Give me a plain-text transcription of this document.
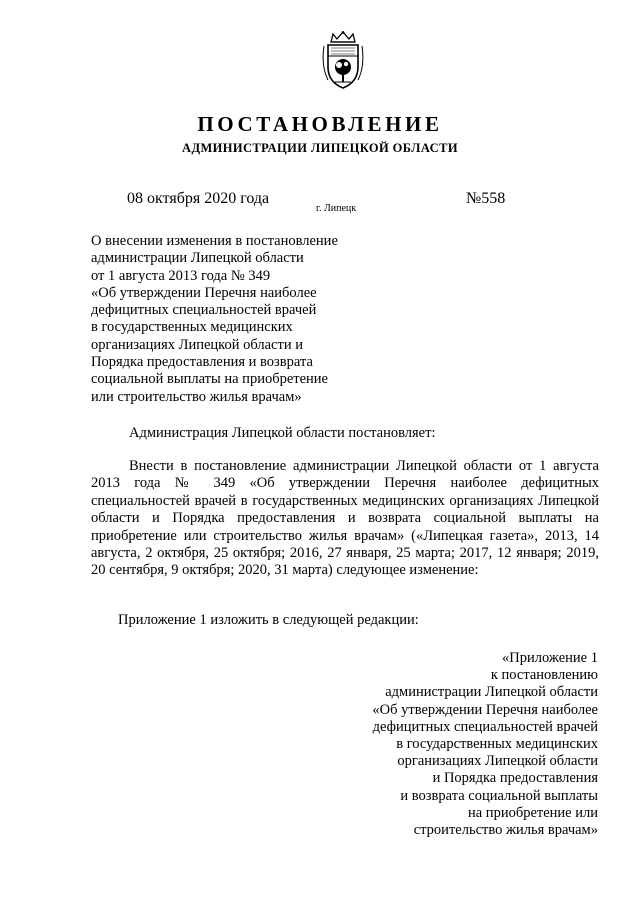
ПОСТАНОВЛЕНИЕ
АДМИНИСТРАЦИИ ЛИПЕЦКОЙ ОБЛАСТИ
08 октября 2020 года
г. Липецк
№558
О внесении изменения в постановление
администрации Липецкой области
от 1 августа 2013 года № 349
«Об утверждении Перечня наиболее
дефицитных специальностей врачей
в государственных медицинских
организациях Липецкой области и
Порядка предоставления и возврата
социальной выплаты на приобретение
или строительство жилья врачам»
Администрация Липецкой области постановляет:
Внести в постановление администрации Липецкой области от 1 августа 2013 года № 349 «Об утверждении Перечня наиболее дефицитных специальностей врачей в государственных медицинских организациях Липецкой области и Порядка предоставления и возврата социальной выплаты на приобретение или строительство жилья врачам» («Липецкая газета», 2013, 14 августа, 2 октября, 25 октября; 2016, 27 января, 25 марта; 2017, 12 января; 2019, 20 сентября, 9 октября; 2020, 31 марта) следующее изменение:
Приложение 1 изложить в следующей редакции:
«Приложение 1
к постановлению
администрации Липецкой области
«Об утверждении Перечня наиболее
дефицитных специальностей врачей
в государственных медицинских
организациях Липецкой области
и Порядка предоставления
и возврата социальной выплаты
на приобретение или
строительство жилья врачам»
